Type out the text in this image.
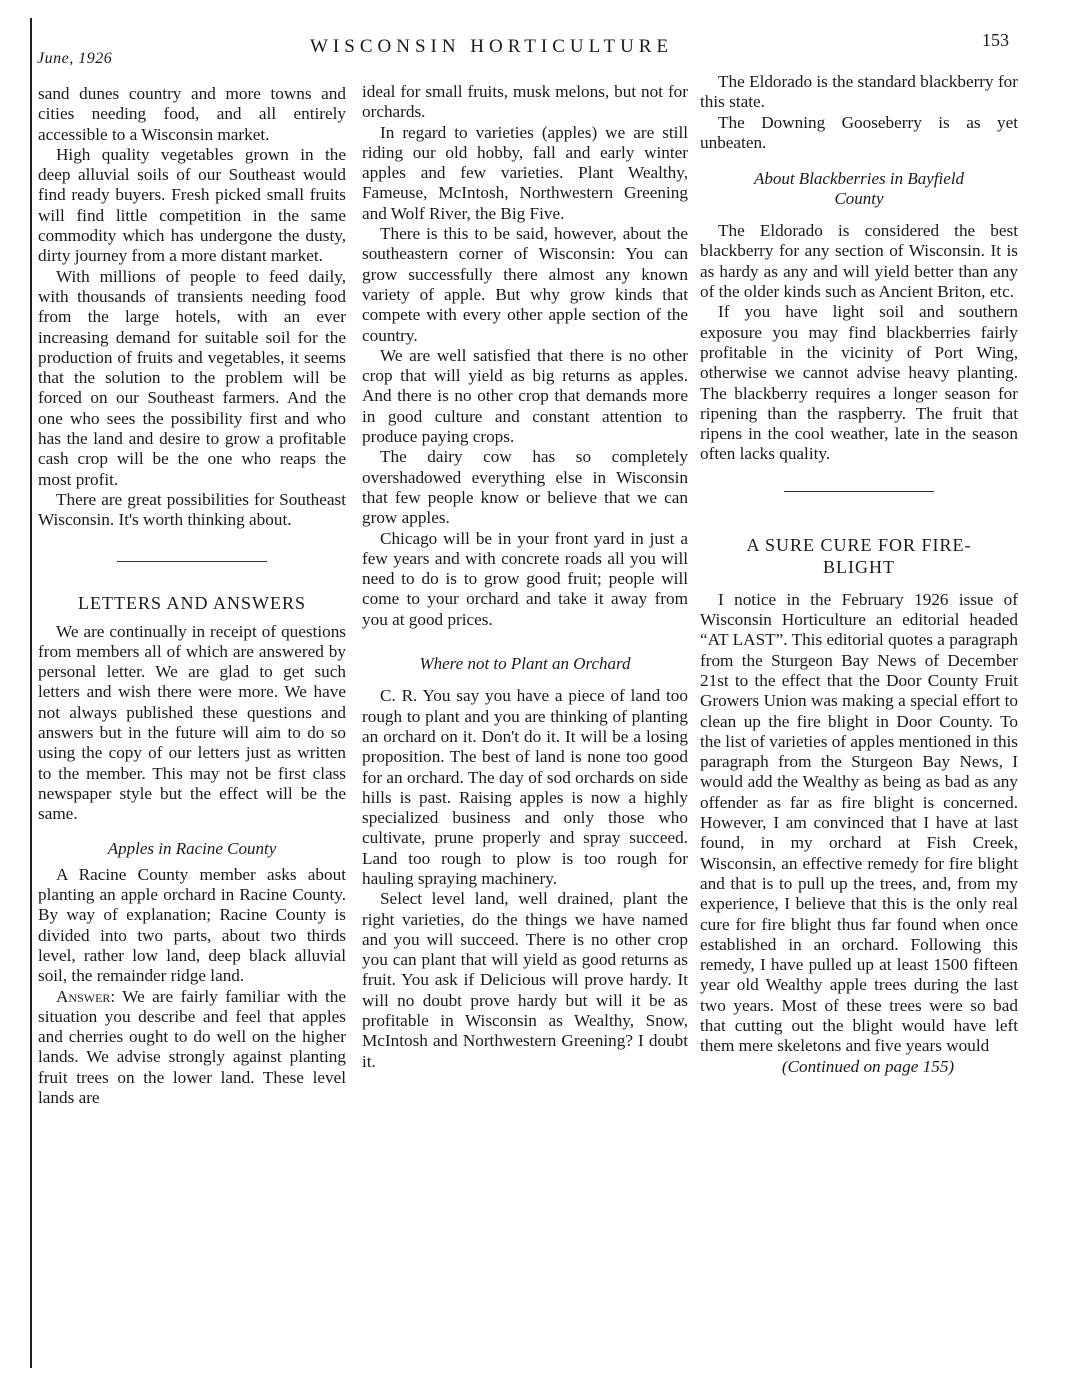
June, 1926
WISCONSIN HORTICULTURE	153

sand dunes country and more towns and cities needing food, and all entirely accessible to a Wisconsin market.

High quality vegetables grown in the deep alluvial soils of our Southeast would find ready buyers. Fresh picked small fruits will find little competition in the same commodity which has undergone the dusty, dirty journey from a more distant market.

With millions of people to feed daily, with thousands of transients needing food from the large hotels, with an ever increasing demand for suitable soil for the production of fruits and vegetables, it seems that the solution to the problem will be forced on our Southeast farmers. And the one who sees the possibility first and who has the land and desire to grow a profitable cash crop will be the one who reaps the most profit.

There are great possibilities for Southeast Wisconsin. It's worth thinking about.

LETTERS AND ANSWERS

We are continually in receipt of questions from members all of which are answered by personal letter. We are glad to get such letters and wish there were more. We have not always published these questions and answers but in the future will aim to do so using the copy of our letters just as written to the member. This may not be first class newspaper style but the effect will be the same.

Apples in Racine County

A Racine County member asks about planting an apple orchard in Racine County. By way of explanation; Racine County is divided into two parts, about two thirds level, rather low land, deep black alluvial soil, the remainder ridge land.

Answer: We are fairly familiar with the situation you describe and feel that apples and cherries ought to do well on the higher lands. We advise strongly against planting fruit trees on the lower land. These level lands are

ideal for small fruits, musk melons, but not for orchards.

In regard to varieties (apples) we are still riding our old hobby, fall and early winter apples and few varieties. Plant Wealthy, Fameuse, McIntosh, Northwestern Greening and Wolf River, the Big Five.

There is this to be said, however, about the southeastern corner of Wisconsin: You can grow successfully there almost any known variety of apple. But why grow kinds that compete with every other apple section of the country.

We are well satisfied that there is no other crop that will yield as big returns as apples. And there is no other crop that demands more in good culture and constant attention to produce paying crops.

The dairy cow has so completely overshadowed everything else in Wisconsin that few people know or believe that we can grow apples.

Chicago will be in your front yard in just a few years and with concrete roads all you will need to do is to grow good fruit; people will come to your orchard and take it away from you at good prices.

Where not to Plant an Orchard

C. R. You say you have a piece of land too rough to plant and you are thinking of planting an orchard on it. Don't do it. It will be a losing proposition. The best of land is none too good for an orchard. The day of sod orchards on side hills is past. Raising apples is now a highly specialized business and only those who cultivate, prune properly and spray succeed. Land too rough to plow is too rough for hauling spraying machinery.

Select level land, well drained, plant the right varieties, do the things we have named and you will succeed. There is no other crop you can plant that will yield as good returns as fruit. You ask if Delicious will prove hardy. It will no doubt prove hardy but will it be as profitable in Wisconsin as Wealthy, Snow, McIntosh and Northwestern Greening? I doubt it.

The Eldorado is the standard blackberry for this state.

The Downing Gooseberry is as yet unbeaten.

About Blackberries in Bayfield
County

The Eldorado is considered the best blackberry for any section of Wisconsin. It is as hardy as any and will yield better than any of the older kinds such as Ancient Briton, etc.

If you have light soil and southern exposure you may find blackberries fairly profitable in the vicinity of Port Wing, otherwise we cannot advise heavy planting. The blackberry requires a longer season for ripening than the raspberry. The fruit that ripens in the cool weather, late in the season often lacks quality.

A SURE CURE FOR FIRE-
BLIGHT

I notice in the February 1926 issue of Wisconsin Horticulture an editorial headed “AT LAST”. This editorial quotes a paragraph from the Sturgeon Bay News of December 21st to the effect that the Door County Fruit Growers Union was making a special effort to clean up the fire blight in Door County. To the list of varieties of apples mentioned in this paragraph from the Sturgeon Bay News, I would add the Wealthy as being as bad as any offender as far as fire blight is concerned. However, I am convinced that I have at last found, in my orchard at Fish Creek, Wisconsin, an effective remedy for fire blight and that is to pull up the trees, and, from my experience, I believe that this is the only real cure for fire blight thus far found when once established in an orchard. Following this remedy, I have pulled up at least 1500 fifteen year old Wealthy apple trees during the last two years. Most of these trees were so bad that cutting out the blight would have left them mere skeletons and five years would

(Continued on page 155)
